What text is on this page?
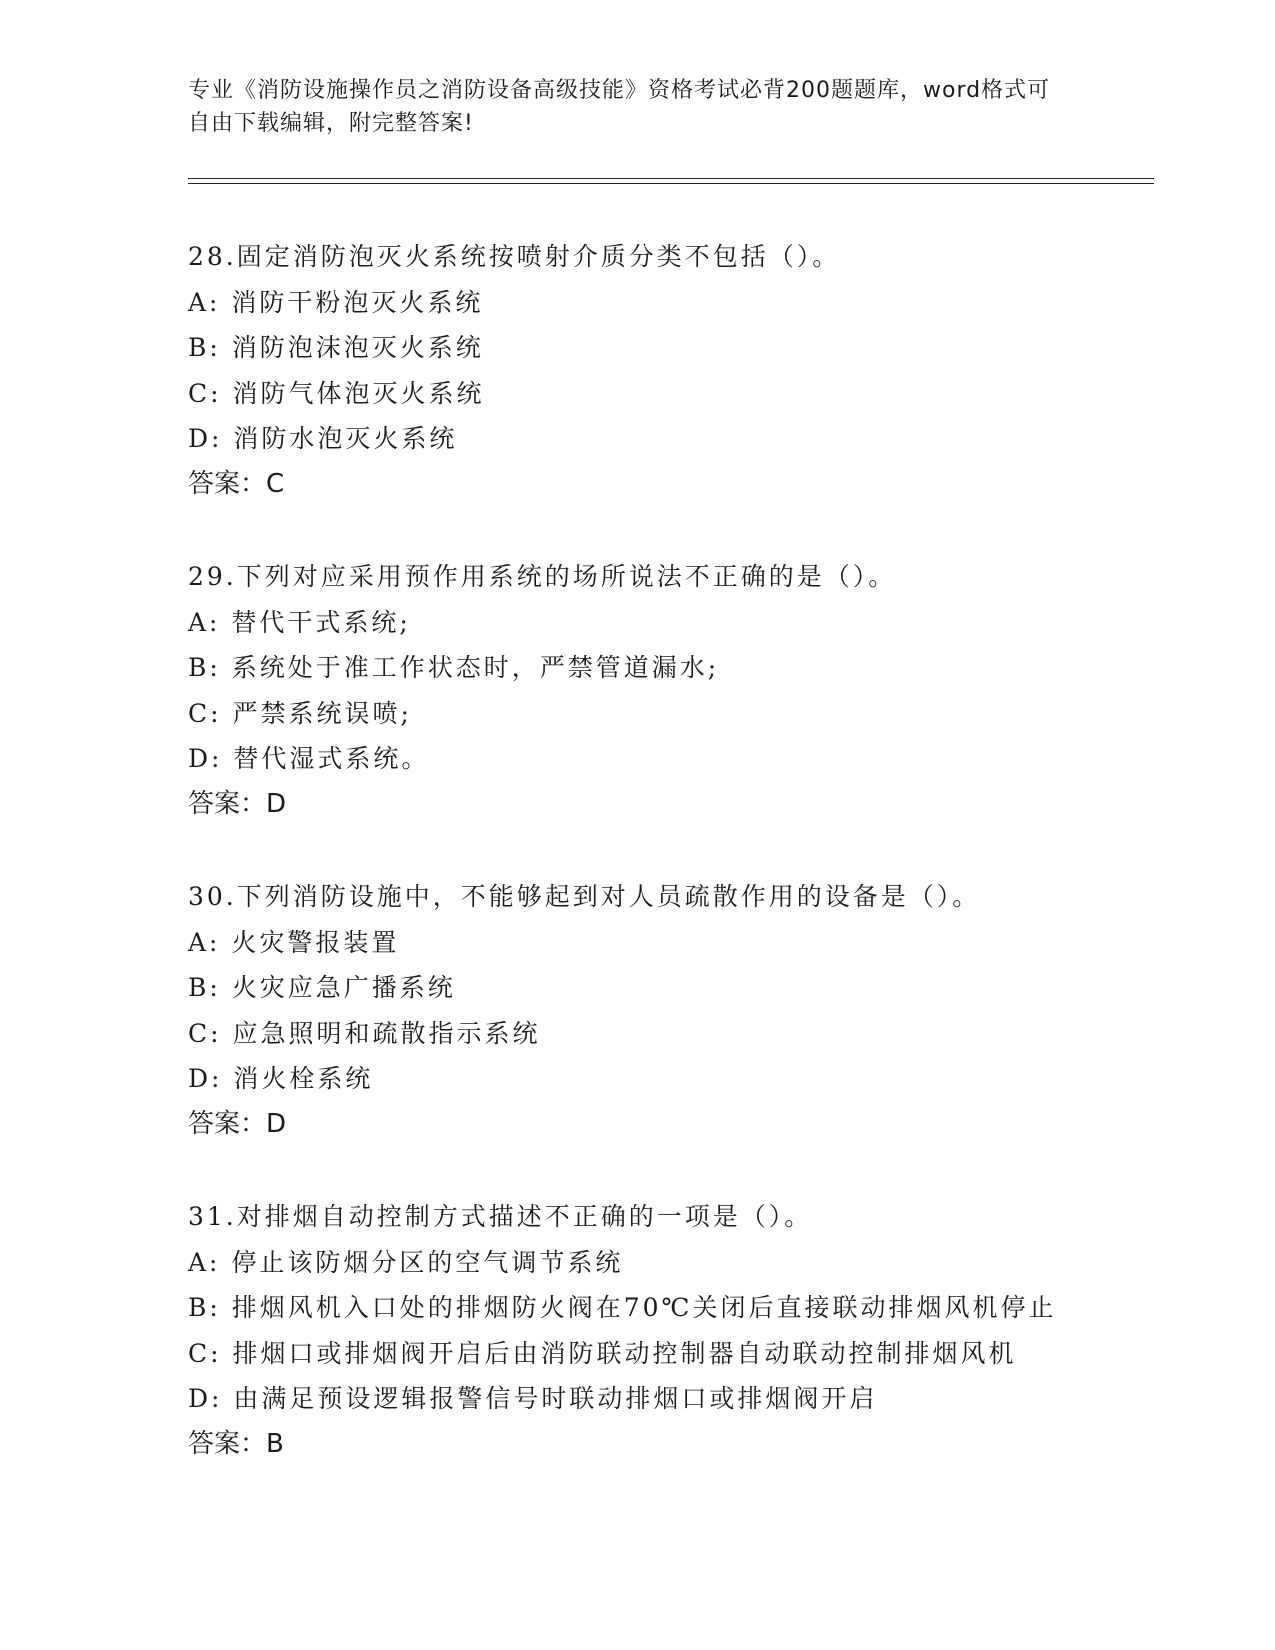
专业《消防设施操作员之消防设备高级技能》资格考试必背200题题库，word格式可自由下载编辑，附完整答案!
28.固定消防泡灭火系统按喷射介质分类不包括（）。
A: 消防干粉泡灭火系统
B: 消防泡沫泡灭火系统
C: 消防气体泡灭火系统
D: 消防水泡灭火系统
答案：C
29.下列对应采用预作用系统的场所说法不正确的是（）。
A: 替代干式系统;
B: 系统处于准工作状态时，严禁管道漏水;
C: 严禁系统误喷;
D: 替代湿式系统。
答案：D
30.下列消防设施中，不能够起到对人员疏散作用的设备是（）。
A: 火灾警报装置
B: 火灾应急广播系统
C: 应急照明和疏散指示系统
D: 消火栓系统
答案：D
31.对排烟自动控制方式描述不正确的一项是（）。
A: 停止该防烟分区的空气调节系统
B: 排烟风机入口处的排烟防火阀在70℃关闭后直接联动排烟风机停止
C: 排烟口或排烟阀开启后由消防联动控制器自动联动控制排烟风机
D: 由满足预设逻辑报警信号时联动排烟口或排烟阀开启
答案：B
